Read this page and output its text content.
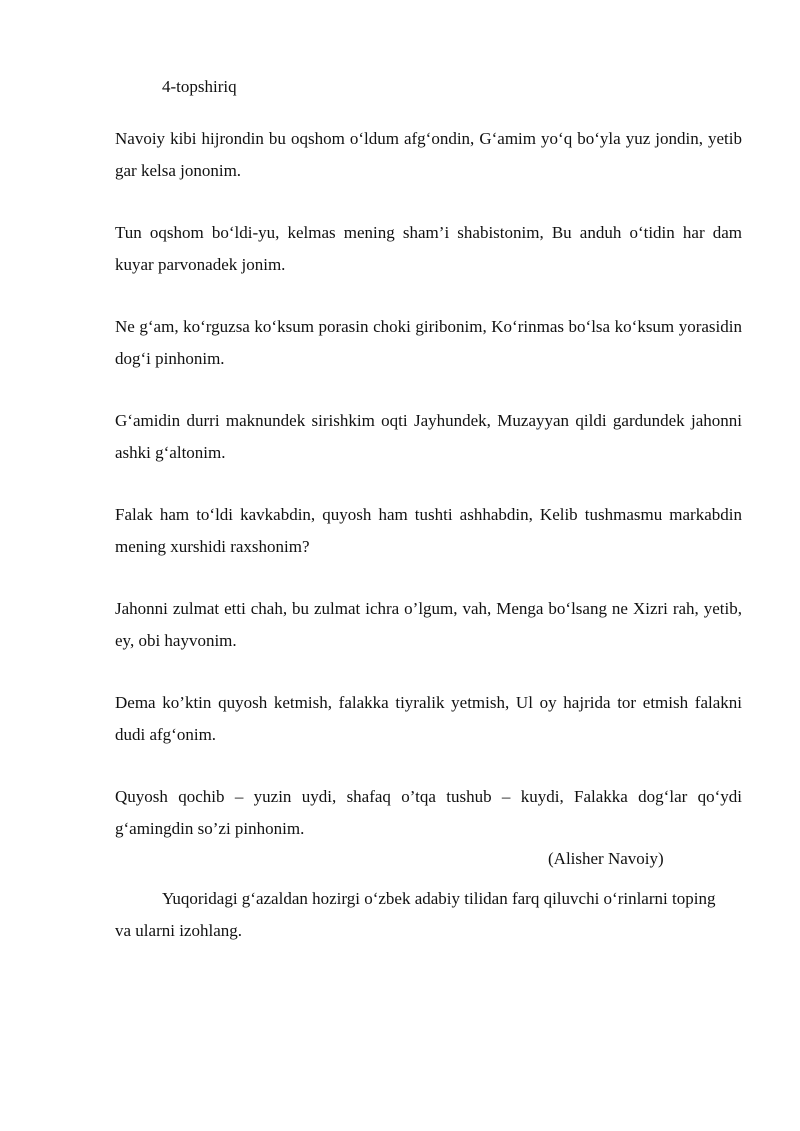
4-topshiriq

Navoiy kibi hijrondin bu oqshom o‘ldum afg‘ondin, G‘amim yo‘q bo‘yla yuz jondin, yetib gar kelsa jononim.

Tun oqshom bo‘ldi-yu, kelmas mening sham’i shabistonim, Bu anduh o‘tidin har dam kuyar parvonadek jonim.

Ne g‘am, ko‘rguzsa ko‘ksum porasin choki giribonim, Ko‘rinmas bo‘lsa ko‘ksum yorasidin dog‘i pinhonim.

G‘amidin durri maknundek sirishkim oqti Jayhundek, Muzayyan qildi gardundek jahonni ashki g‘altonim.

Falak ham to‘ldi kavkabdin, quyosh ham tushti ashhabdin, Kelib tushmasmu markabdin mening xurshidi raxshonim?

Jahonni zulmat etti chah, bu zulmat ichra o’lgum, vah, Menga bo‘lsang ne Xizri rah, yetib, ey, obi hayvonim.

Dema ko’ktin quyosh ketmish, falakka tiyralik yetmish, Ul oy hajrida tor etmish falakni dudi afg‘onim.

Quyosh qochib – yuzin uydi, shafaq o’tqa tushub – kuydi, Falakka dog‘lar qo‘ydi g‘amingdin so’zi pinhonim.

(Alisher Navoiy)

Yuqoridagi g‘azaldan hozirgi o‘zbek adabiy tilidan farq qiluvchi o‘rinlarni toping va ularni izohlang.
